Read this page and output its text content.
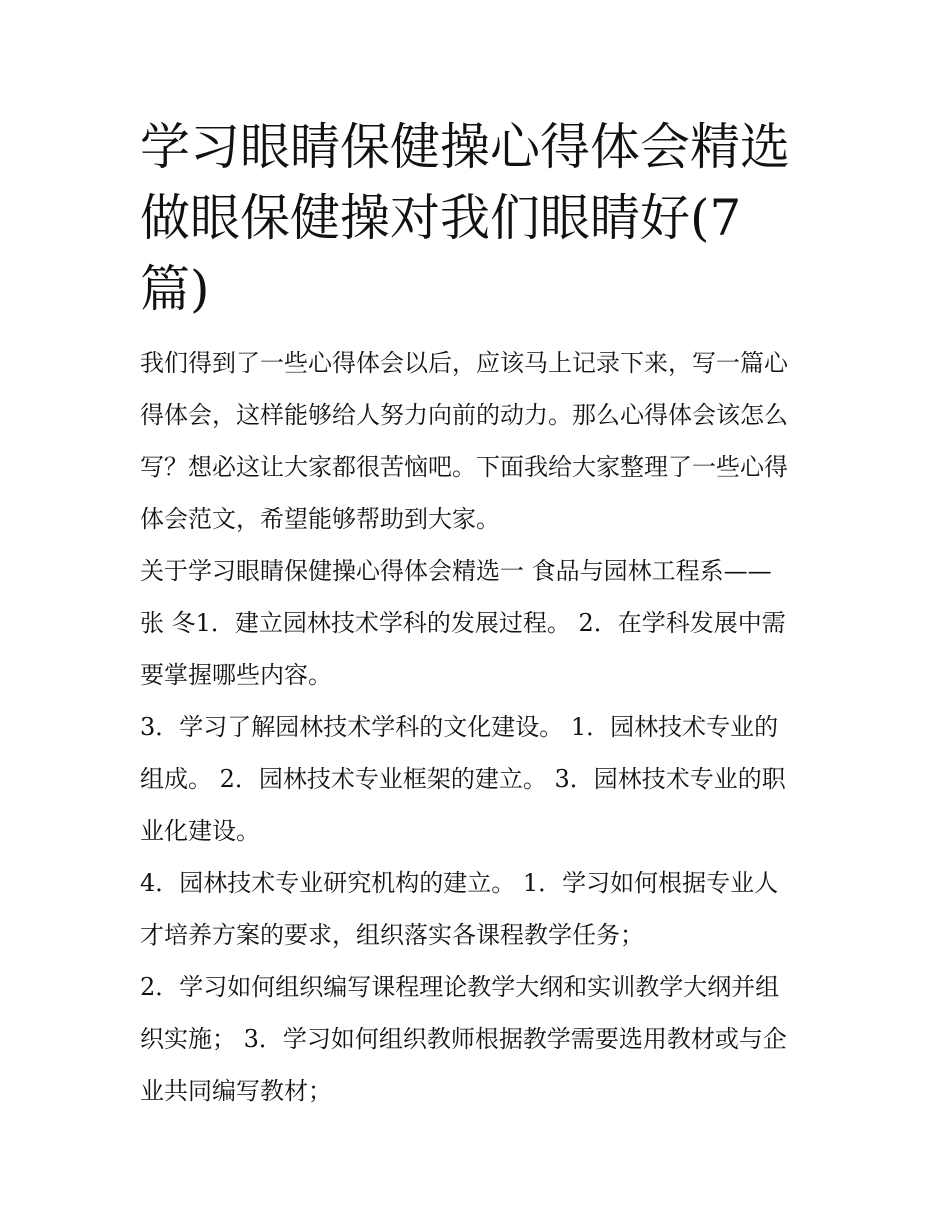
学习眼睛保健操心得体会精选
做眼保健操对我们眼睛好(7
篇)

我们得到了一些心得体会以后，应该马上记录下来，写一篇心
得体会，这样能够给人努力向前的动力。那么心得体会该怎么
写？想必这让大家都很苦恼吧。下面我给大家整理了一些心得
体会范文，希望能够帮助到大家。

关于学习眼睛保健操心得体会精选一 食品与园林工程系——
张 冬1．建立园林技术学科的发展过程。 2．在学科发展中需
要掌握哪些内容。

3．学习了解园林技术学科的文化建设。 1．园林技术专业的
组成。 2．园林技术专业框架的建立。 3．园林技术专业的职
业化建设。

4．园林技术专业研究机构的建立。 1．学习如何根据专业人
才培养方案的要求，组织落实各课程教学任务；

2．学习如何组织编写课程理论教学大纲和实训教学大纲并组
织实施； 3．学习如何组织教师根据教学需要选用教材或与企
业共同编写教材；
